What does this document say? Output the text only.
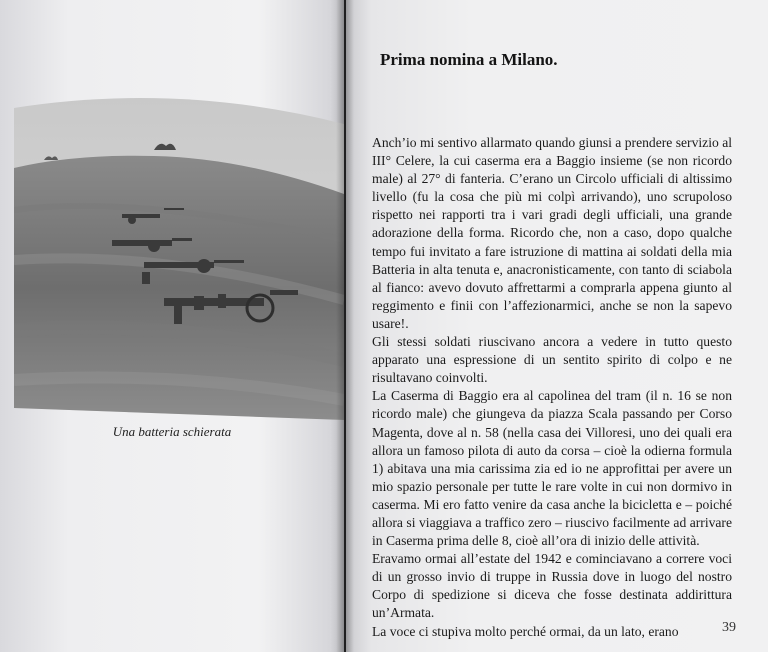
Una batteria schierata
Prima nomina a Milano.

Anch’io mi sentivo allarmato quando giunsi a prendere servizio al III° Celere, la cui caserma era a Baggio insieme (se non ricordo male) al 27° di fanteria. C’erano un Circolo ufficiali di altissimo livello (fu la cosa che più mi colpì arrivando), uno scrupoloso rispetto nei rapporti tra i vari gradi degli ufficiali, una grande adorazione della forma. Ricordo che, non a caso, dopo qualche tempo fui invitato a fare istruzione di mattina ai soldati della mia Batteria in alta tenuta e, anacronisticamente, con tanto di sciabola al fianco: avevo dovuto affrettarmi a comprarla appena giunto al reggimento e finii con l’affezionarmici, anche se non la sapevo usare!.

Gli stessi soldati riuscivano ancora a vedere in tutto questo apparato una espressione di un sentito spirito di colpo e ne risultavano coinvolti.

La Caserma di Baggio era al capolinea del tram (il n. 16 se non ricordo male) che giungeva da piazza Scala passando per Corso Magenta, dove al n. 58 (nella casa dei Villoresi, uno dei quali era allora un famoso pilota di auto da corsa – cioè la odierna formula 1) abitava una mia carissima zia ed io ne approfittai per avere un mio spazio personale per tutte le rare volte in cui non dormivo in caserma. Mi ero fatto venire da casa anche la bicicletta e – poiché allora si viaggiava a traffico zero – riuscivo facilmente ad arrivare in Caserma prima delle 8, cioè all’ora di inizio delle attività.

Eravamo ormai all’estate del 1942 e cominciavano a correre voci di un grosso invio di truppe in Russia dove in luogo del nostro Corpo di spedizione si diceva che fosse destinata addirittura un’Armata.

La voce ci stupiva molto perché ormai, da un lato, erano	39
